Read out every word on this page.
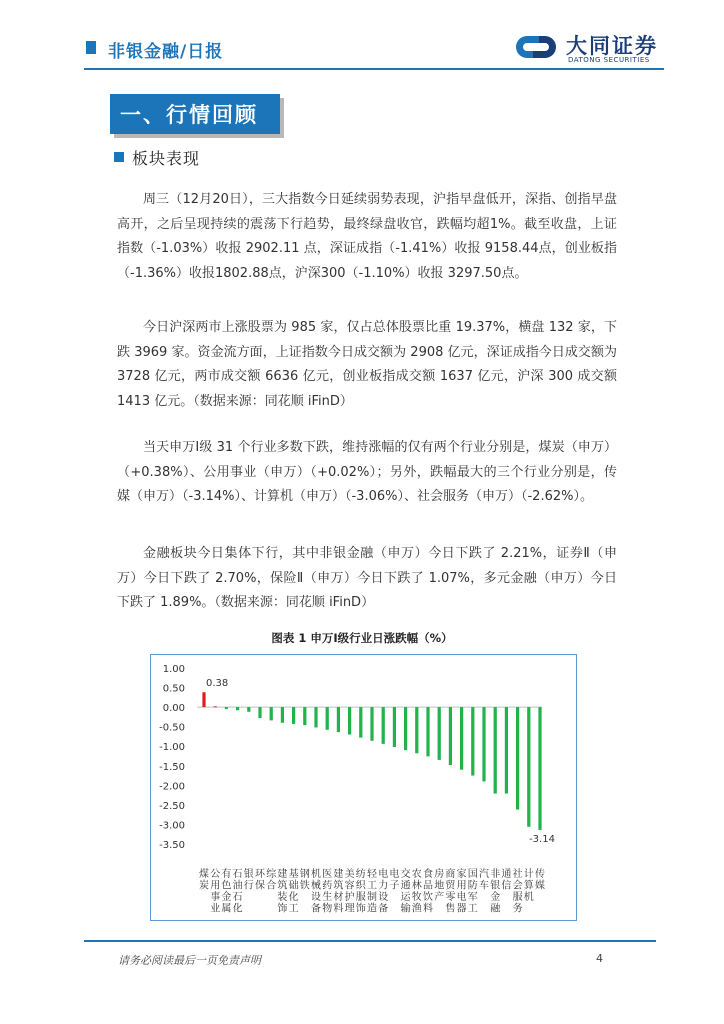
非银金融/日报	大同证券
DATONG SECURITIES
一、行情回顾
板块表现

周三（12月20日），三大指数今日延续弱势表现，沪指早盘低开，深指、创指早盘高开，之后呈现持续的震荡下行趋势，最终绿盘收官，跌幅均超1%。截至收盘，上证指数（-1.03%）收报 2902.11 点，深证成指（-1.41%）收报 9158.44点，创业板指（-1.36%）收报1802.88点，沪深300（-1.10%）收报 3297.50点。

今日沪深两市上涨股票为 985 家，仅占总体股票比重 19.37%，横盘 132 家，下跌 3969 家。资金流方面，上证指数今日成交额为 2908 亿元，深证成指今日成交额为 3728 亿元，两市成交额 6636 亿元，创业板指成交额 1637 亿元，沪深 300 成交额 1413 亿元。（数据来源：同花顺 iFinD）

当天申万Ⅰ级 31 个行业多数下跌，维持涨幅的仅有两个行业分别是，煤炭（申万）（+0.38%）、公用事业（申万）（+0.02%）；另外，跌幅最大的三个行业分别是，传媒（申万）（-3.14%）、计算机（申万）（-3.06%）、社会服务（申万）（-2.62%）。

金融板块今日集体下行，其中非银金融（申万）今日下跌了 2.21%，证券Ⅱ（申万）今日下跌了 2.70%，保险Ⅱ（申万）今日下跌了 1.07%，多元金融（申万）今日下跌了 1.89%。（数据来源：同花顺 iFinD）

图表 1 申万Ⅰ级行业日涨跌幅（%）
1.00
0.50
0.00
-0.50
-1.00
-1.50
-2.00
-2.50
-3.00
-3.50
煤
炭
公
用
事
业
有
色
金
属
石
油
石
化
银
行
环
保
综
合
建
筑
装
饰
基
础
化
工
钢
铁
机
械
设
备
医
药
生
物
建
筑
材
料
美
容
护
理
纺
织
服
饰
轻
工
制
造
电
力
设
备
电
子
交
通
运
输
农
林
牧
渔
食
品
饮
料
房
地
产
商
贸
零
售
家
用
电
器
国
防
军
工
汽
车
非
银
金
融
通
信
社
会
服
务
计
算
机
传
媒
0.38
-3.14
请务必阅读最后一页免责声明	4
